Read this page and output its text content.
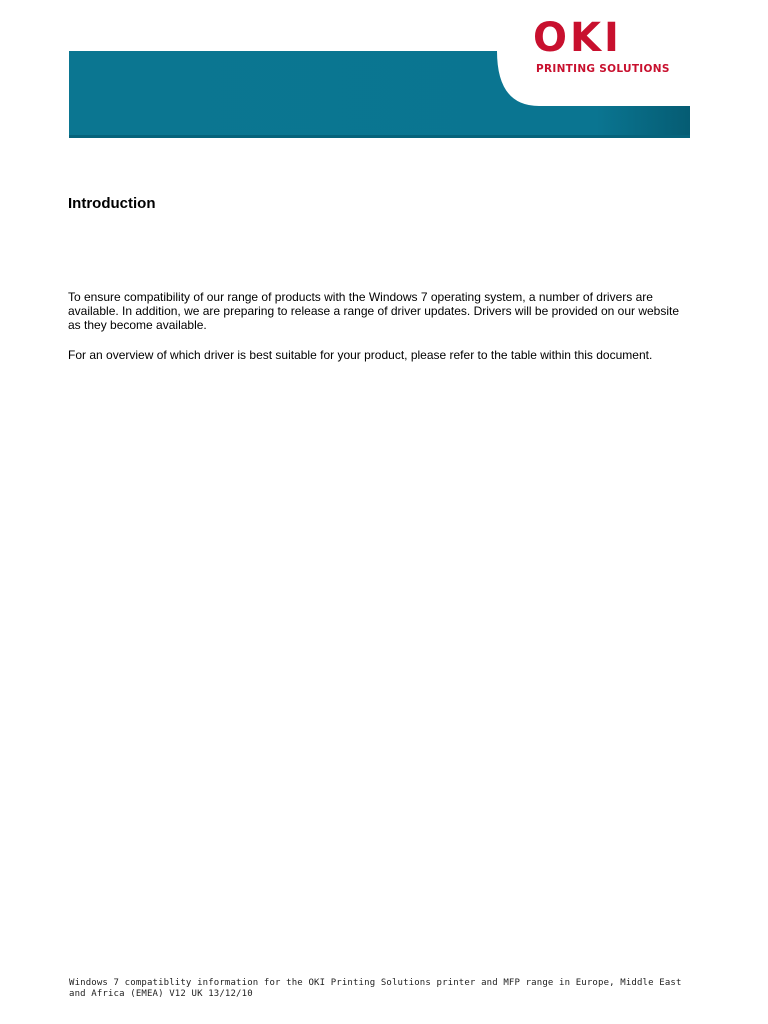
OKI
PRINTING SOLUTIONS
Introduction

To ensure compatibility of our range of products with the Windows 7 operating system, a number of drivers are available. In addition, we are preparing to release a range of driver updates. Drivers will be provided on our website as they become available.

For an overview of which driver is best suitable for your product, please refer to the table within this document.

Windows 7 compatiblity information for the OKI Printing Solutions printer and MFP range in Europe, Middle East and Africa (EMEA) V12 UK 13/12/10
